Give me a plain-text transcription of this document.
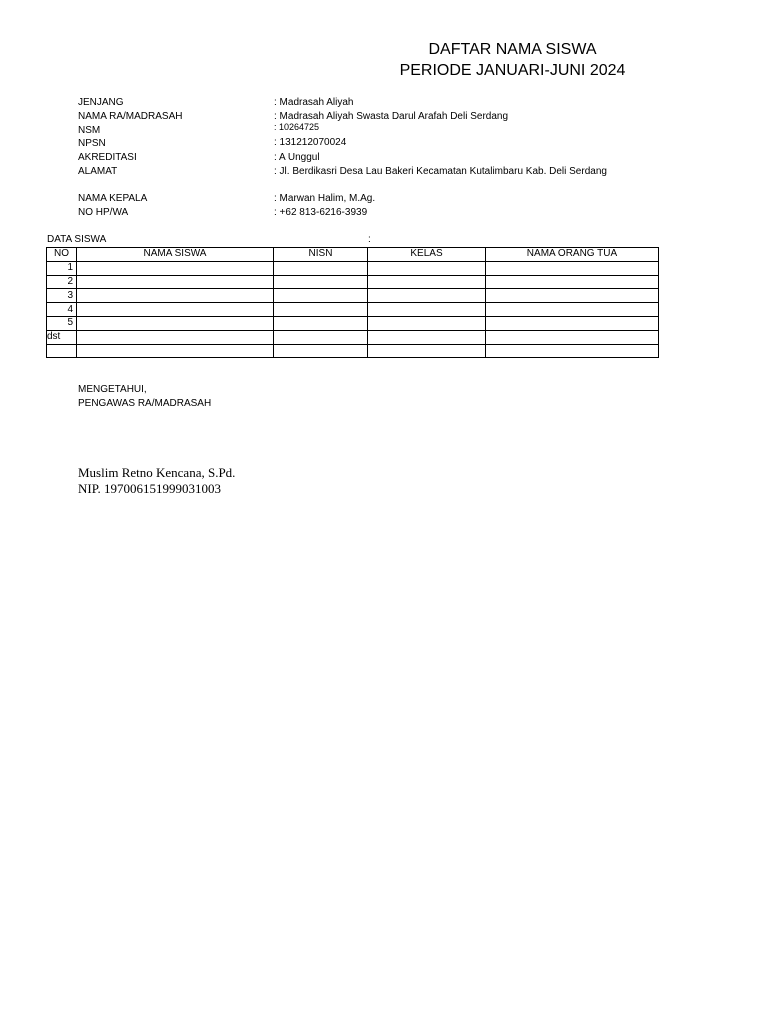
DAFTAR NAMA SISWA
PERIODE JANUARI-JUNI 2024
JENJANG	: Madrasah Aliyah
NAMA RA/MADRASAH	: Madrasah Aliyah Swasta Darul Arafah Deli Serdang
NSM	: 10264725
NPSN	: 131212070024
AKREDITASI	: A Unggul
ALAMAT	: Jl. Berdikasri Desa Lau Bakeri Kecamatan Kutalimbaru Kab. Deli Serdang
NAMA KEPALA	: Marwan Halim, M.Ag.
NO HP/WA	: +62 813-6216-3939
DATA SISWA	:
NO	NAMA SISWA	NISN	KELAS	NAMA ORANG TUA
1				
2				
3				
4				
5				
dst				

MENGETAHUI,
PENGAWAS RA/MADRASAH
Muslim Retno Kencana, S.Pd.
NIP. 197006151999031003
